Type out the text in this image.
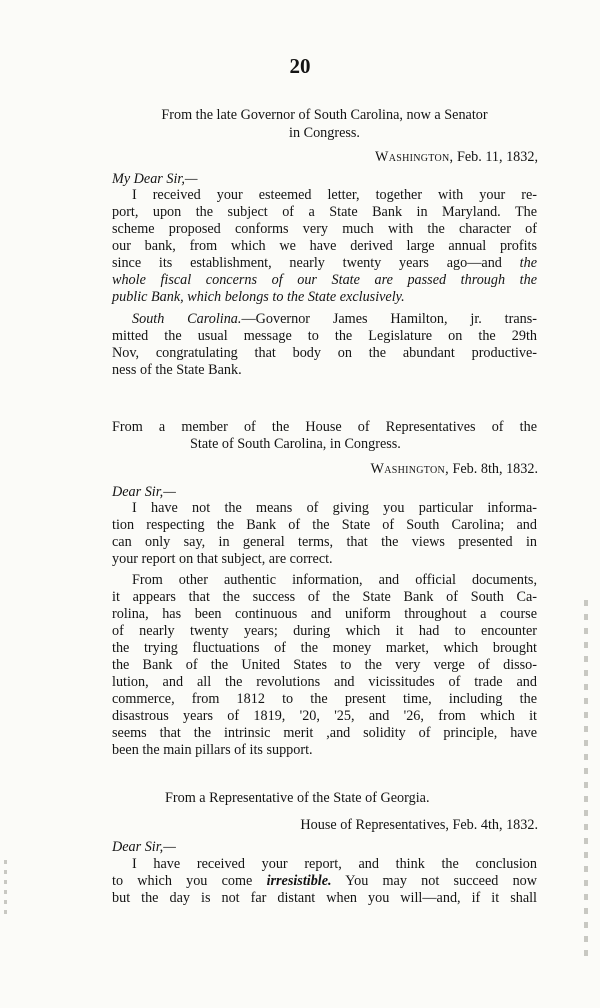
20
From the late Governor of South Carolina, now a Senator
in Congress.
Washington, Feb. 11, 1832,
My Dear Sir,—
I received your esteemed letter, together with your re-
port, upon the subject of a State Bank in Maryland. The
scheme proposed conforms very much with the character of
our bank, from which we have derived large annual profits
since its establishment, nearly twenty years ago—and the
whole fiscal concerns of our State are passed through the
public Bank, which belongs to the State exclusively.
South Carolina.—Governor James Hamilton, jr. trans-
mitted the usual message to the Legislature on the 29th
Nov, congratulating that body on the abundant productive-
ness of the State Bank.
From a member of the House of Representatives of the
State of South Carolina, in Congress.
Washington, Feb. 8th, 1832.
Dear Sir,—
I have not the means of giving you particular informa-
tion respecting the Bank of the State of South Carolina; and
can only say, in general terms, that the views presented in
your report on that subject, are correct.
From other authentic information, and official documents,
it appears that the success of the State Bank of South Ca-
rolina, has been continuous and uniform throughout a course
of nearly twenty years; during which it had to encounter
the trying fluctuations of the money market, which brought
the Bank of the United States to the very verge of disso-
lution, and all the revolutions and vicissitudes of trade and
commerce, from 1812 to the present time, including the
disastrous years of 1819, '20, '25, and '26, from which it
seems that the intrinsic merit ,and solidity of principle, have
been the main pillars of its support.
From a Representative of the State of Georgia.
House of Representatives, Feb. 4th, 1832.
Dear Sir,—
I have received your report, and think the conclusion
to which you come irresistible. You may not succeed now
but the day is not far distant when you will—and, if it shall
